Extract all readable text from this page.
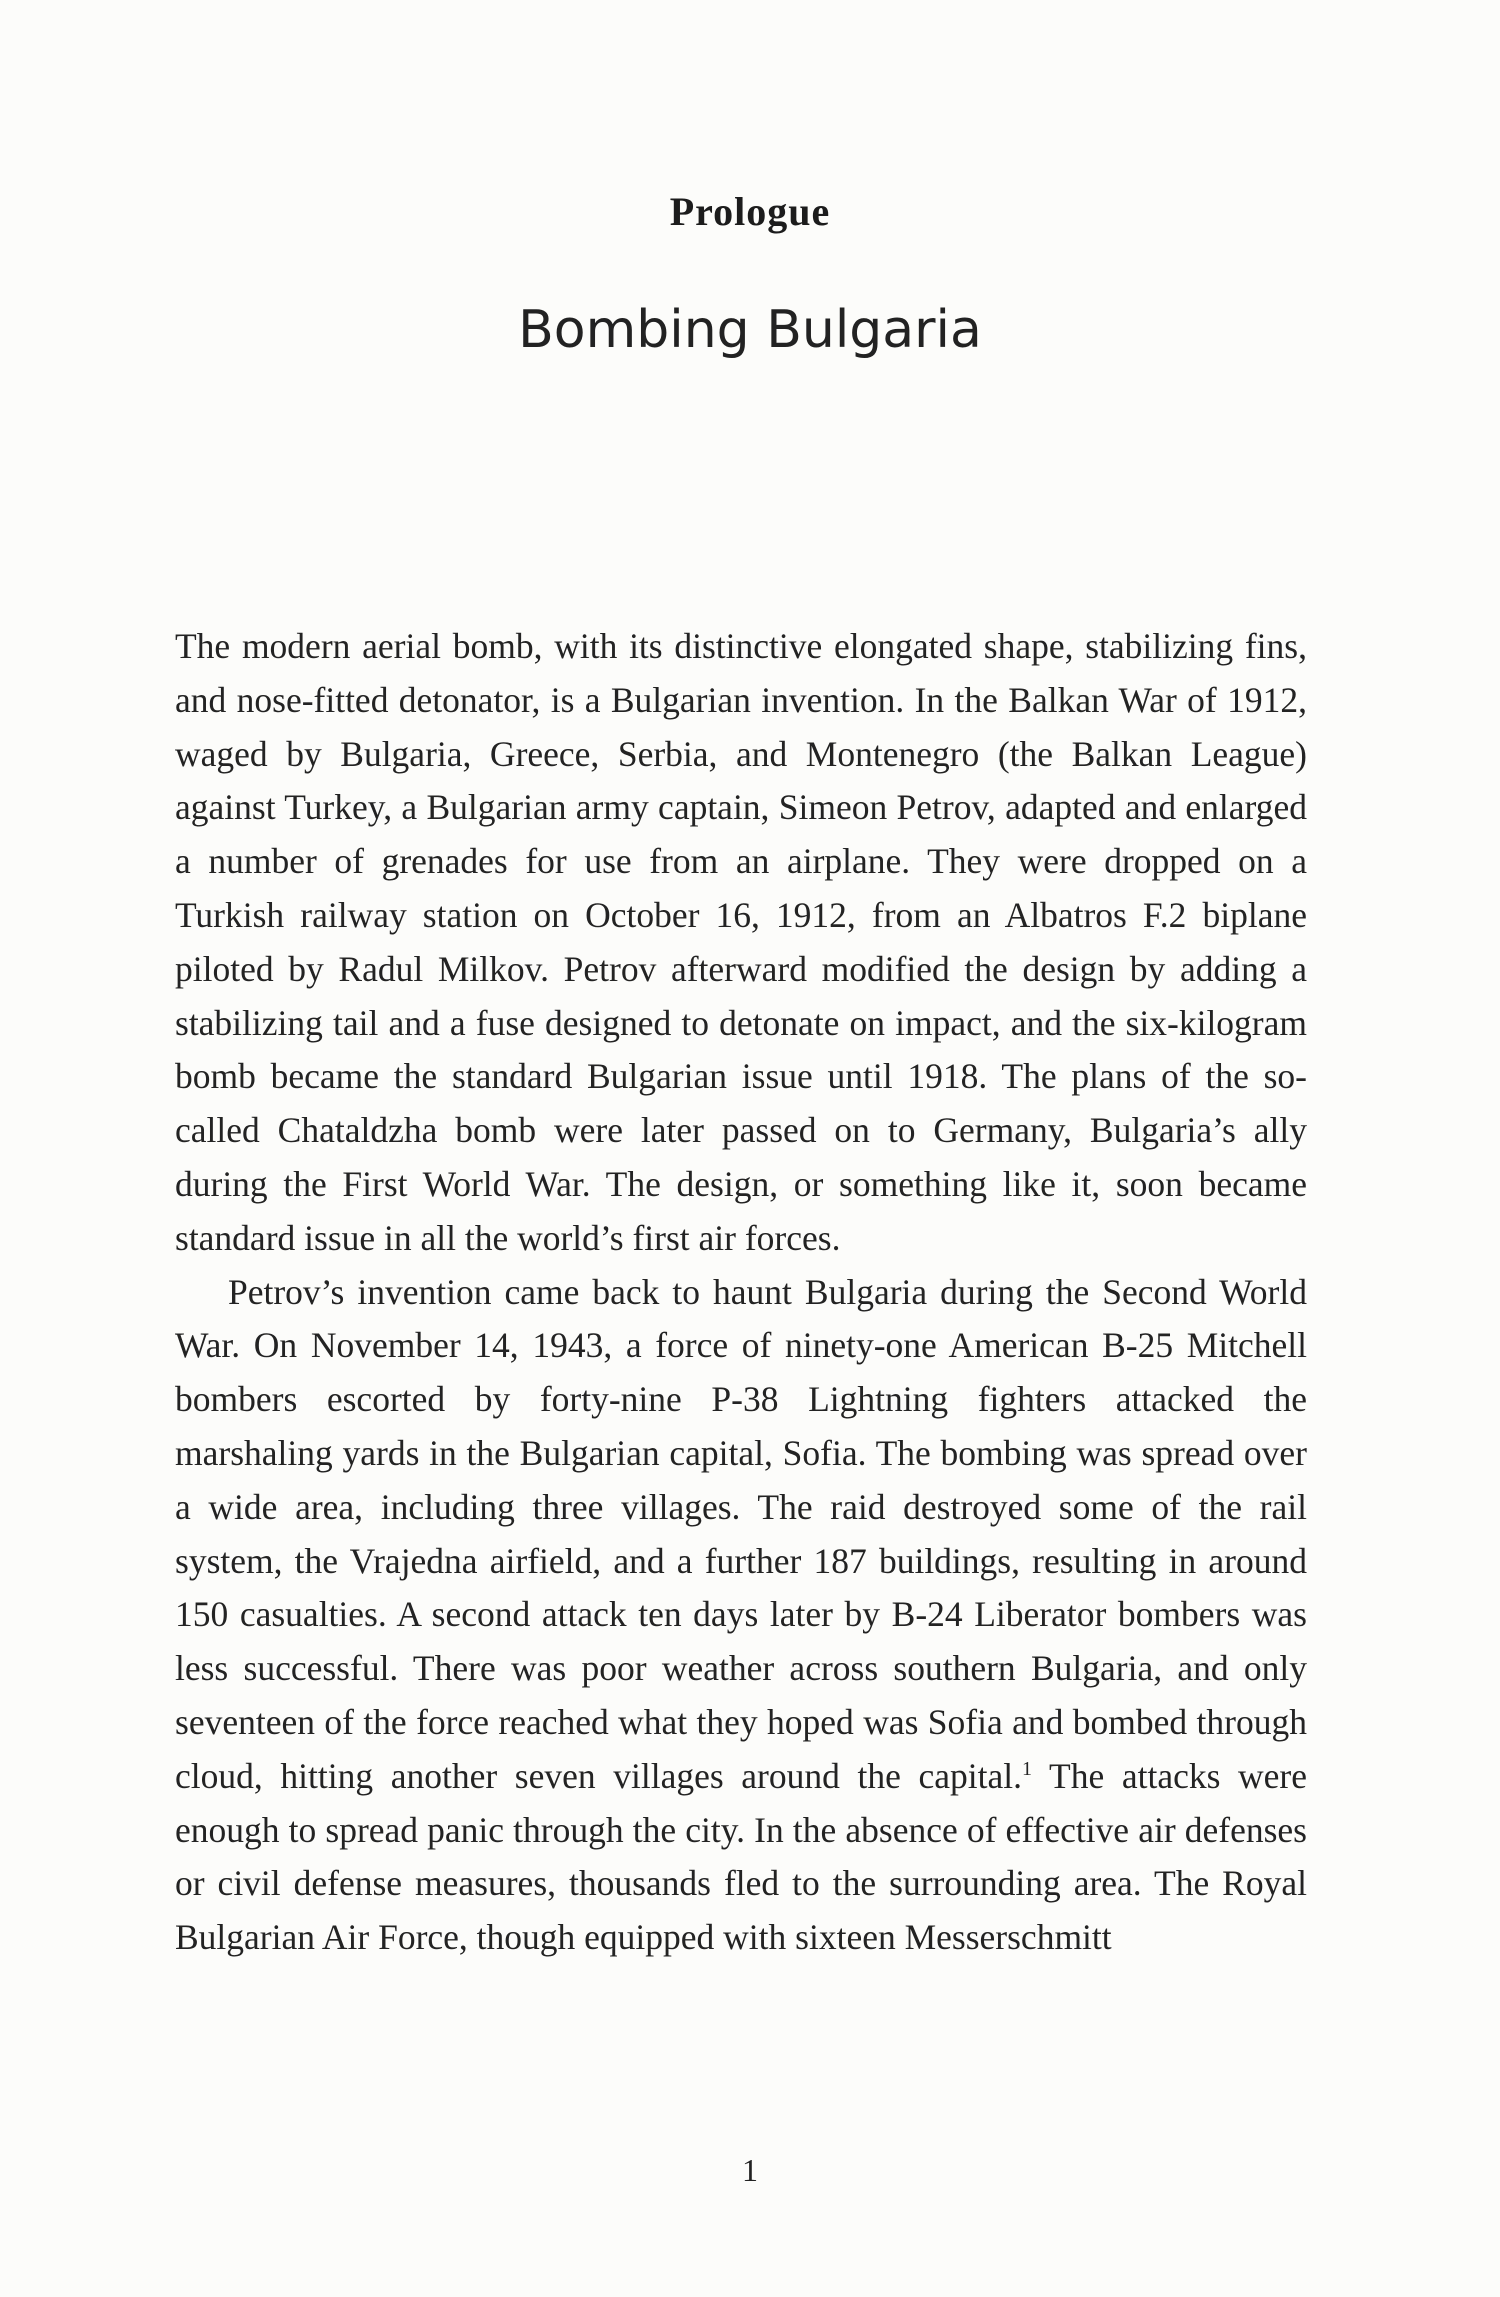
Prologue
Bombing Bulgaria

The modern aerial bomb, with its distinctive elongated shape, stabilizing fins, and nose-fitted detonator, is a Bulgarian invention. In the Balkan War of 1912, waged by Bulgaria, Greece, Serbia, and Montenegro (the Balkan League) against Turkey, a Bulgarian army captain, Simeon Petrov, adapted and enlarged a number of grenades for use from an airplane. They were dropped on a Turkish railway station on October 16, 1912, from an Albatros F.2 biplane piloted by Radul Milkov. Petrov afterward modified the design by adding a stabilizing tail and a fuse designed to detonate on impact, and the six-kilogram bomb became the standard Bulgarian issue until 1918. The plans of the so-called Chataldzha bomb were later passed on to Germany, Bulgaria’s ally during the First World War. The design, or something like it, soon became standard issue in all the world’s first air forces.

Petrov’s invention came back to haunt Bulgaria during the Second World War. On November 14, 1943, a force of ninety-one American B-25 Mitchell bombers escorted by forty-nine P-38 Lightning fighters attacked the marshaling yards in the Bulgarian capital, Sofia. The bombing was spread over a wide area, including three villages. The raid destroyed some of the rail system, the Vrajedna airfield, and a further 187 buildings, resulting in around 150 casualties. A second attack ten days later by B-24 Liberator bombers was less successful. There was poor weather across southern Bulgaria, and only seventeen of the force reached what they hoped was Sofia and bombed through cloud, hitting another seven villages around the capital.$^1$ The attacks were enough to spread panic through the city. In the absence of effective air defenses or civil defense measures, thousands fled to the surrounding area. The Royal Bulgarian Air Force, though equipped with sixteen Messerschmitt

1
